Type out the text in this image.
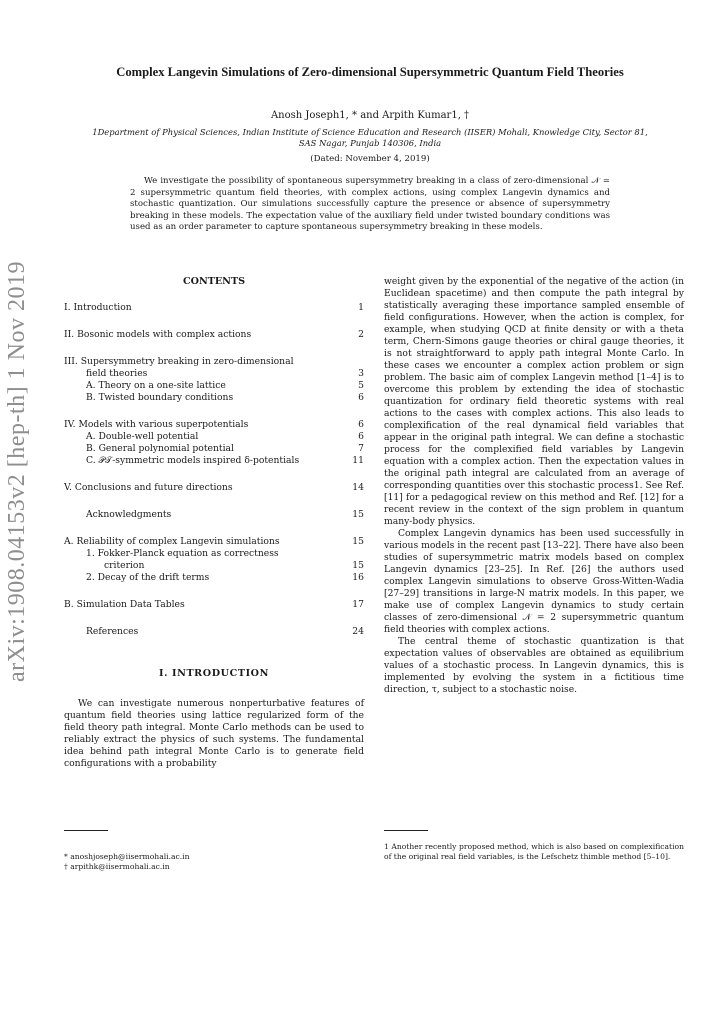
arXiv:1908.04153v2 [hep-th] 1 Nov 2019
Complex Langevin Simulations of Zero-dimensional Supersymmetric Quantum Field Theories
Anosh Joseph1, * and Arpith Kumar1, †
1Department of Physical Sciences, Indian Institute of Science Education and Research (IISER) Mohali, Knowledge City, Sector 81, SAS Nagar, Punjab 140306, India
(Dated: November 4, 2019)
We investigate the possibility of spontaneous supersymmetry breaking in a class of zero-dimensional 𝒩 = 2 supersymmetric quantum field theories, with complex actions, using complex Langevin dynamics and stochastic quantization. Our simulations successfully capture the presence or absence of supersymmetry breaking in these models. The expectation value of the auxiliary field under twisted boundary conditions was used as an order parameter to capture spontaneous supersymmetry breaking in these models.
CONTENTS
I. Introduction	1
II. Bosonic models with complex actions	2
III. Supersymmetry breaking in zero-dimensional
field theories	3
A. Theory on a one-site lattice	5
B. Twisted boundary conditions	6
IV. Models with various superpotentials	6
A. Double-well potential	6
B. General polynomial potential	7
C. 𝒫𝒯-symmetric models inspired δ-potentials	11
V. Conclusions and future directions	14
Acknowledgments	15
A. Reliability of complex Langevin simulations	15
1. Fokker-Planck equation as correctness
criterion	15
2. Decay of the drift terms	16
B. Simulation Data Tables	17
References	24
I. INTRODUCTION

We can investigate numerous nonperturbative features of quantum field theories using lattice regularized form of the field theory path integral. Monte Carlo methods can be used to reliably extract the physics of such systems. The fundamental idea behind path integral Monte Carlo is to generate field configurations with a probability

weight given by the exponential of the negative of the action (in Euclidean spacetime) and then compute the path integral by statistically averaging these importance sampled ensemble of field configurations. However, when the action is complex, for example, when studying QCD at finite density or with a theta term, Chern-Simons gauge theories or chiral gauge theories, it is not straightforward to apply path integral Monte Carlo. In these cases we encounter a complex action problem or sign problem. The basic aim of complex Langevin method [1–4] is to overcome this problem by extending the idea of stochastic quantization for ordinary field theoretic systems with real actions to the cases with complex actions. This also leads to complexification of the real dynamical field variables that appear in the original path integral. We can define a stochastic process for the complexified field variables by Langevin equation with a complex action. Then the expectation values in the original path integral are calculated from an average of corresponding quantities over this stochastic process1. See Ref. [11] for a pedagogical review on this method and Ref. [12] for a recent review in the context of the sign problem in quantum many-body physics.

Complex Langevin dynamics has been used successfully in various models in the recent past [13–22]. There have also been studies of supersymmetric matrix models based on complex Langevin dynamics [23–25]. In Ref. [26] the authors used complex Langevin simulations to observe Gross-Witten-Wadia [27–29] transitions in large-N matrix models. In this paper, we make use of complex Langevin dynamics to study certain classes of zero-dimensional 𝒩 = 2 supersymmetric quantum field theories with complex actions.

The central theme of stochastic quantization is that expectation values of observables are obtained as equilibrium values of a stochastic process. In Langevin dynamics, this is implemented by evolving the system in a fictitious time direction, τ, subject to a stochastic noise.

* anoshjoseph@iisermohali.ac.in
† arpithk@iisermohali.ac.in
1 Another recently proposed method, which is also based on complexification of the original real field variables, is the Lefschetz thimble method [5–10].
